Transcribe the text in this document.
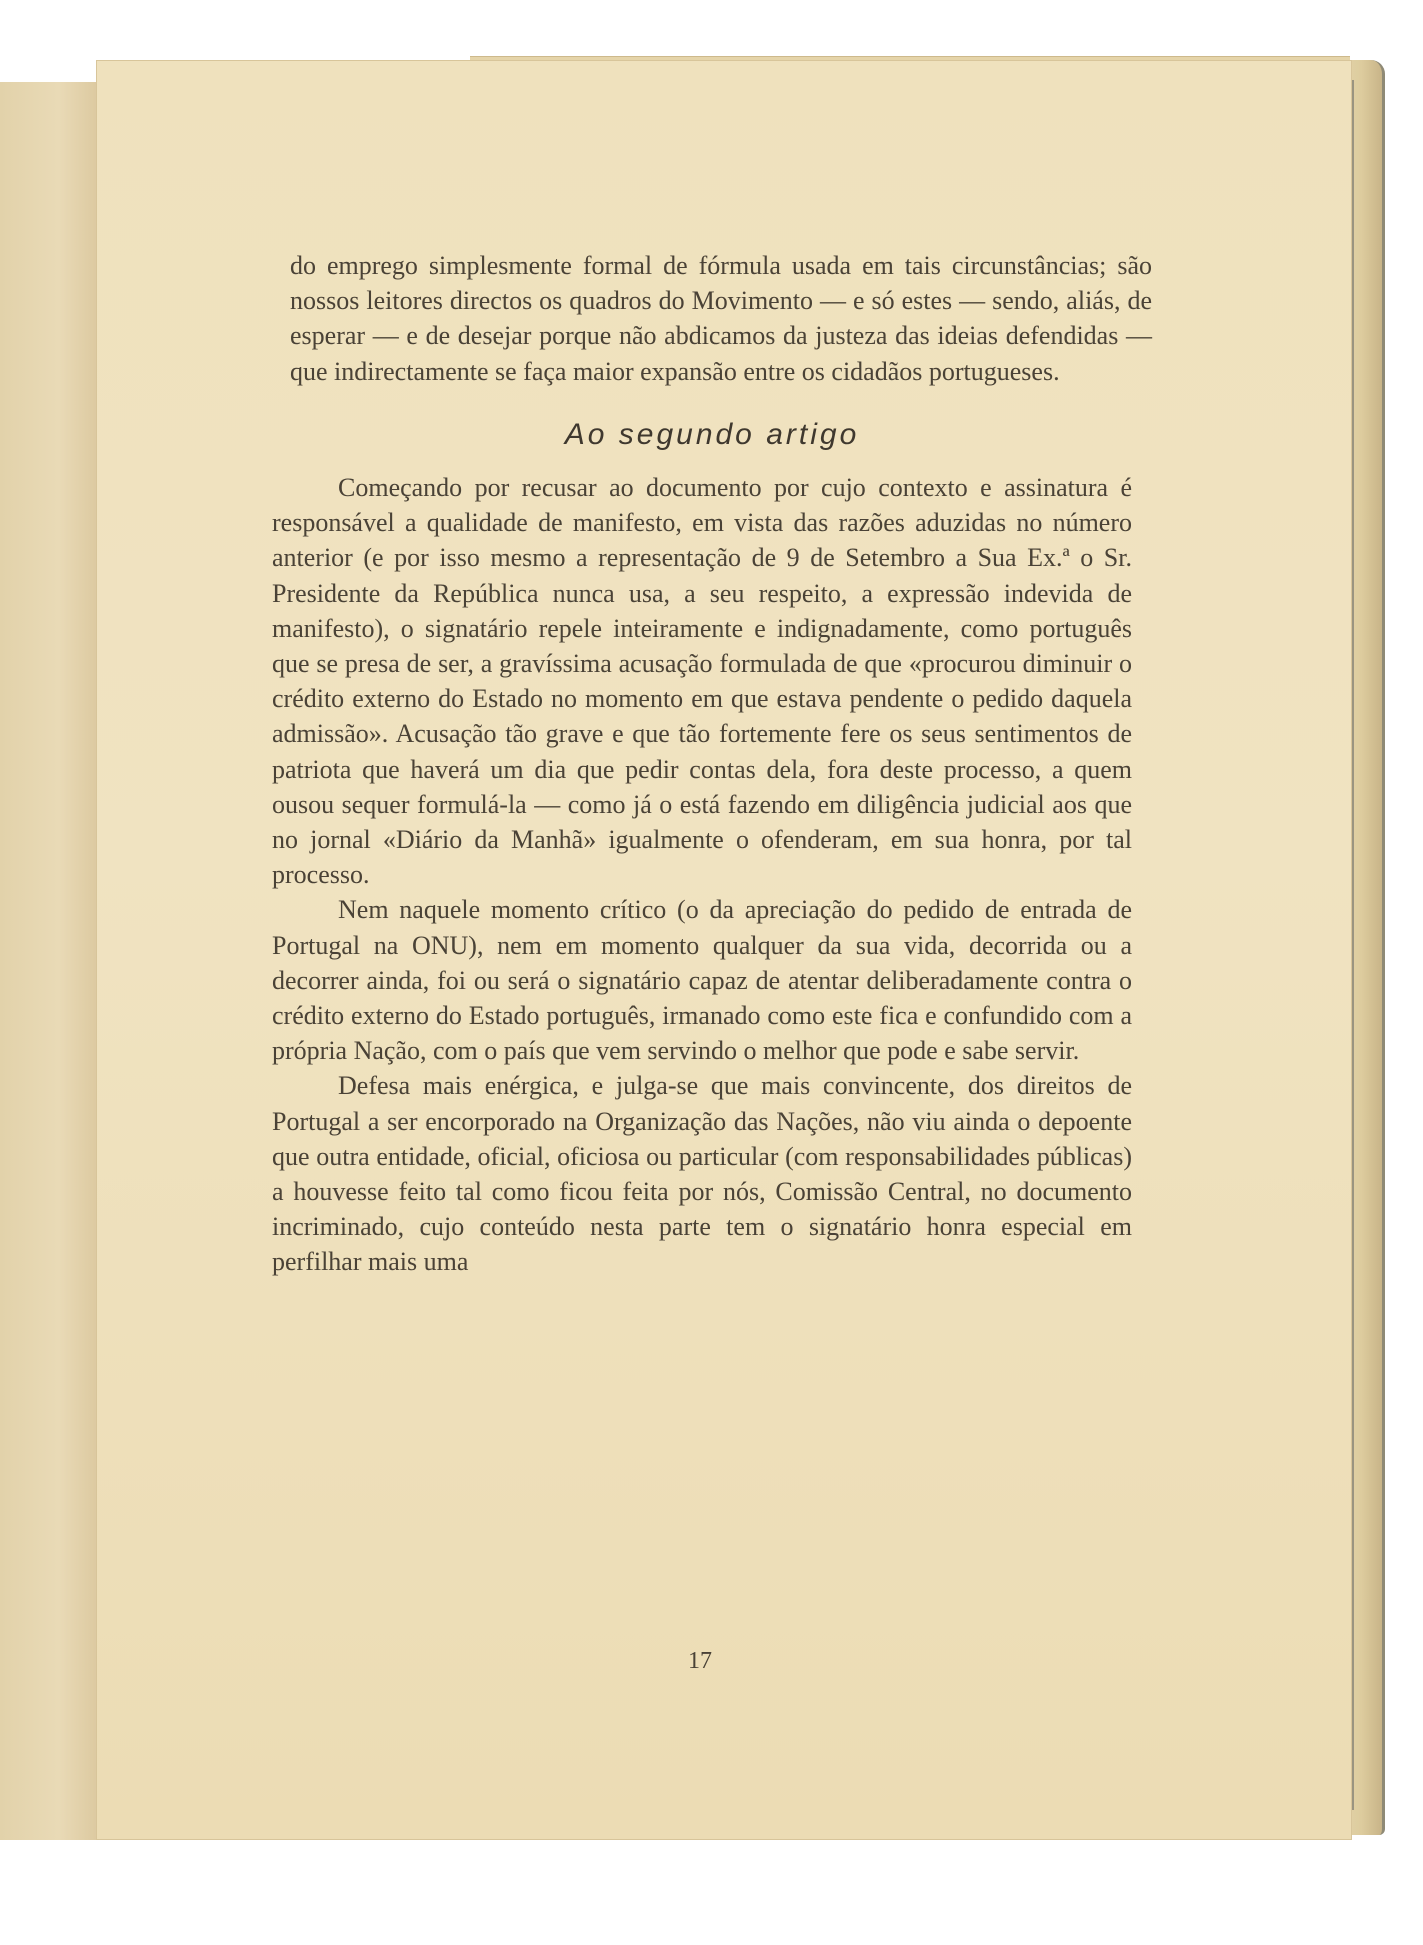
do emprego simplesmente formal de fórmula usada em tais circunstâncias; são nossos leitores directos os quadros do Movimento — e só estes — sendo, aliás, de esperar — e de desejar porque não abdicamos da justeza das ideias defendidas — que indirectamente se faça maior expansão entre os cidadãos portugueses.

Ao segundo artigo

Começando por recusar ao documento por cujo contexto e assinatura é responsável a qualidade de manifesto, em vista das razões aduzidas no número anterior (e por isso mesmo a representação de 9 de Setembro a Sua Ex.ª o Sr. Presidente da República nunca usa, a seu respeito, a expressão indevida de manifesto), o signatário repele inteiramente e indignadamente, como português que se presa de ser, a gravíssima acusação formulada de que «procurou diminuir o crédito externo do Estado no momento em que estava pendente o pedido daquela admissão». Acusação tão grave e que tão fortemente fere os seus sentimentos de patriota que haverá um dia que pedir contas dela, fora deste processo, a quem ousou sequer formulá-la — como já o está fazendo em diligência judicial aos que no jornal «Diário da Manhã» igualmente o ofenderam, em sua honra, por tal processo.

Nem naquele momento crítico (o da apreciação do pedido de entrada de Portugal na ONU), nem em momento qualquer da sua vida, decorrida ou a decorrer ainda, foi ou será o signatário capaz de atentar deliberadamente contra o crédito externo do Estado português, irmanado como este fica e confundido com a própria Nação, com o país que vem servindo o melhor que pode e sabe servir.

Defesa mais enérgica, e julga-se que mais convincente, dos direitos de Portugal a ser encorporado na Organização das Nações, não viu ainda o depoente que outra entidade, oficial, oficiosa ou particular (com responsabilidades públicas) a houvesse feito tal como ficou feita por nós, Comissão Central, no documento incriminado, cujo conteúdo nesta parte tem o signatário honra especial em perfilhar mais uma

17
